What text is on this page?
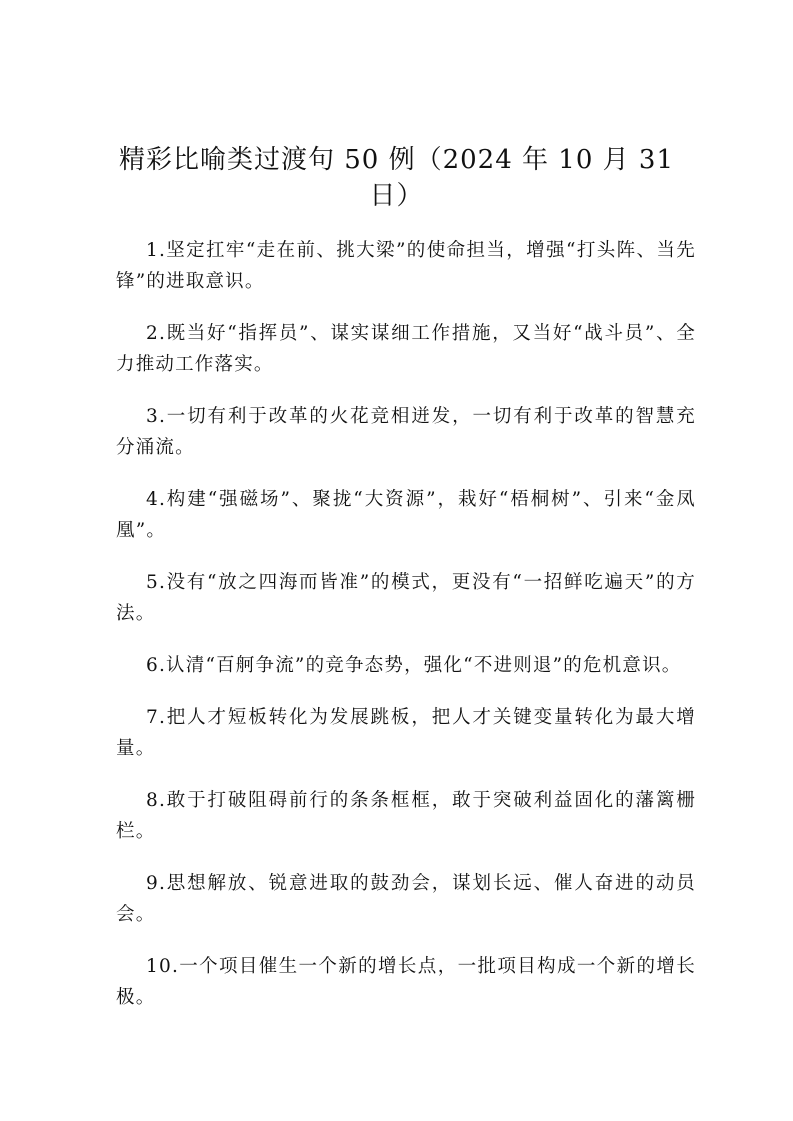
精彩比喻类过渡句 50 例（2024 年 10 月 31 日）
1.坚定扛牢“走在前、挑大梁”的使命担当，增强“打头阵、当先锋”的进取意识。
2.既当好“指挥员”、谋实谋细工作措施，又当好“战斗员”、全力推动工作落实。
3.一切有利于改革的火花竞相迸发，一切有利于改革的智慧充分涌流。
4.构建“强磁场”、聚拢“大资源”，栽好“梧桐树”、引来“金凤凰”。
5.没有“放之四海而皆准”的模式，更没有“一招鲜吃遍天”的方法。
6.认清“百舸争流”的竞争态势，强化“不进则退”的危机意识。
7.把人才短板转化为发展跳板，把人才关键变量转化为最大增量。
8.敢于打破阻碍前行的条条框框，敢于突破利益固化的藩篱栅栏。
9.思想解放、锐意进取的鼓劲会，谋划长远、催人奋进的动员会。
10.一个项目催生一个新的增长点，一批项目构成一个新的增长极。
